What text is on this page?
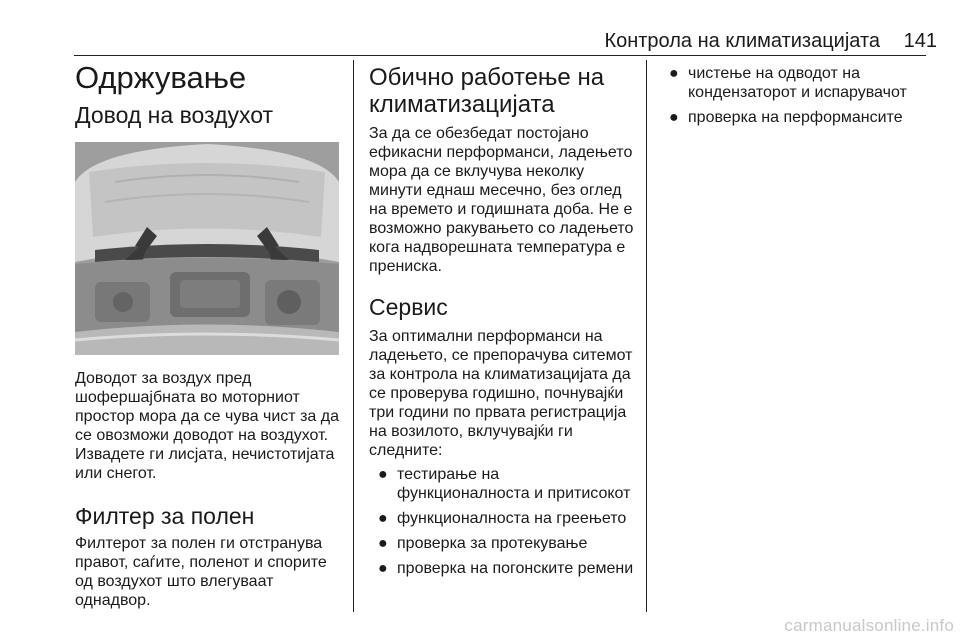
Контрола на климатизацијата	141
Одржување
Довод на воздухот

Доводот за воздух пред шофершајбната во моторниот простор мора да се чува чист за да се овозможи доводот на воздухот. Извадете ги лисјата, нечистотијата или снегот.

Филтер за полен

Филтерот за полен ги отстранува правот, саѓите, поленот и спорите од воздухот што влегуваат однадвор.

Обично работење на климатизацијата

За да се обезбедат постојано ефикасни перформанси, ладењето мора да се вклучува неколку минути еднаш месечно, без оглед на времето и годишната доба. Не е возможно ракувањето со ладењето кога надворешната температура е прениска.

Сервис

За оптимални перформанси на ладењето, се препорачува ситемот за контрола на климатизацијата да се проверува годишно, почнувајќи три години по првата регистрација на возилото, вклучувајќи ги следните:

● тестирање на функционалноста и притисокот
● функционалноста на греењето
● проверка за протекување
● проверка на погонските ремени
● чистење на одводот на кондензаторот и испарувачот
● проверка на перформансите
carmanualsonline.info
